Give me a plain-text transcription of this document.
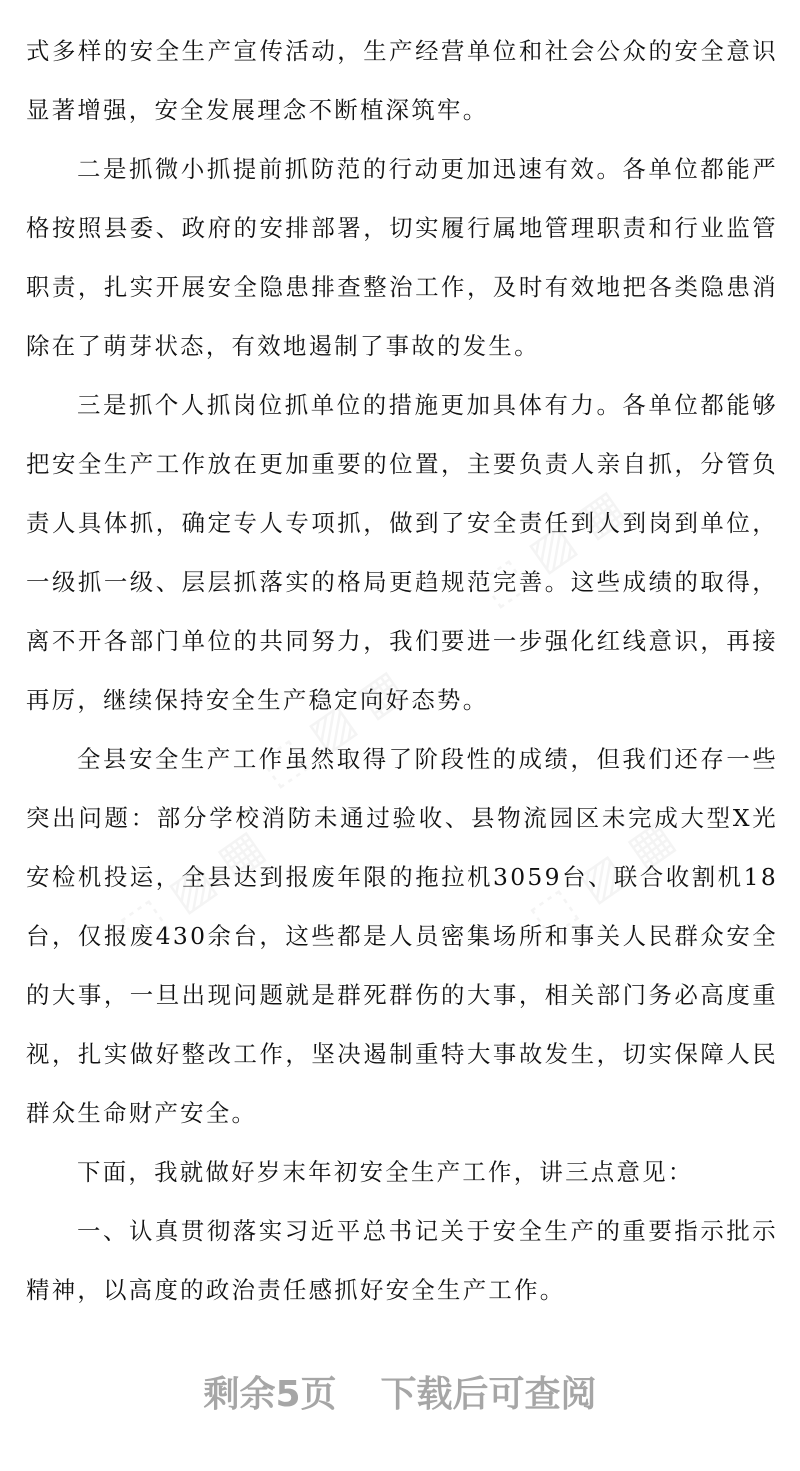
式多样的安全生产宣传活动，生产经营单位和社会公众的安全意识显著增强，安全发展理念不断植深筑牢。

二是抓微小抓提前抓防范的行动更加迅速有效。各单位都能严格按照县委、政府的安排部署，切实履行属地管理职责和行业监管职责，扎实开展安全隐患排查整治工作，及时有效地把各类隐患消除在了萌芽状态，有效地遏制了事故的发生。

三是抓个人抓岗位抓单位的措施更加具体有力。各单位都能够把安全生产工作放在更加重要的位置，主要负责人亲自抓，分管负责人具体抓，确定专人专项抓，做到了安全责任到人到岗到单位，一级抓一级、层层抓落实的格局更趋规范完善。这些成绩的取得，离不开各部门单位的共同努力，我们要进一步强化红线意识，再接再厉，继续保持安全生产稳定向好态势。

全县安全生产工作虽然取得了阶段性的成绩，但我们还存一些突出问题：部分学校消防未通过验收、县物流园区未完成大型X光安检机投运，全县达到报废年限的拖拉机3059台、联合收割机18台，仅报废430余台，这些都是人员密集场所和事关人民群众安全的大事，一旦出现问题就是群死群伤的大事，相关部门务必高度重视，扎实做好整改工作，坚决遏制重特大事故发生，切实保障人民群众生命财产安全。

下面，我就做好岁末年初安全生产工作，讲三点意见：

一、认真贯彻落实习近平总书记关于安全生产的重要指示批示精神，以高度的政治责任感抓好安全生产工作。

剩余5页 下载后可查阅
